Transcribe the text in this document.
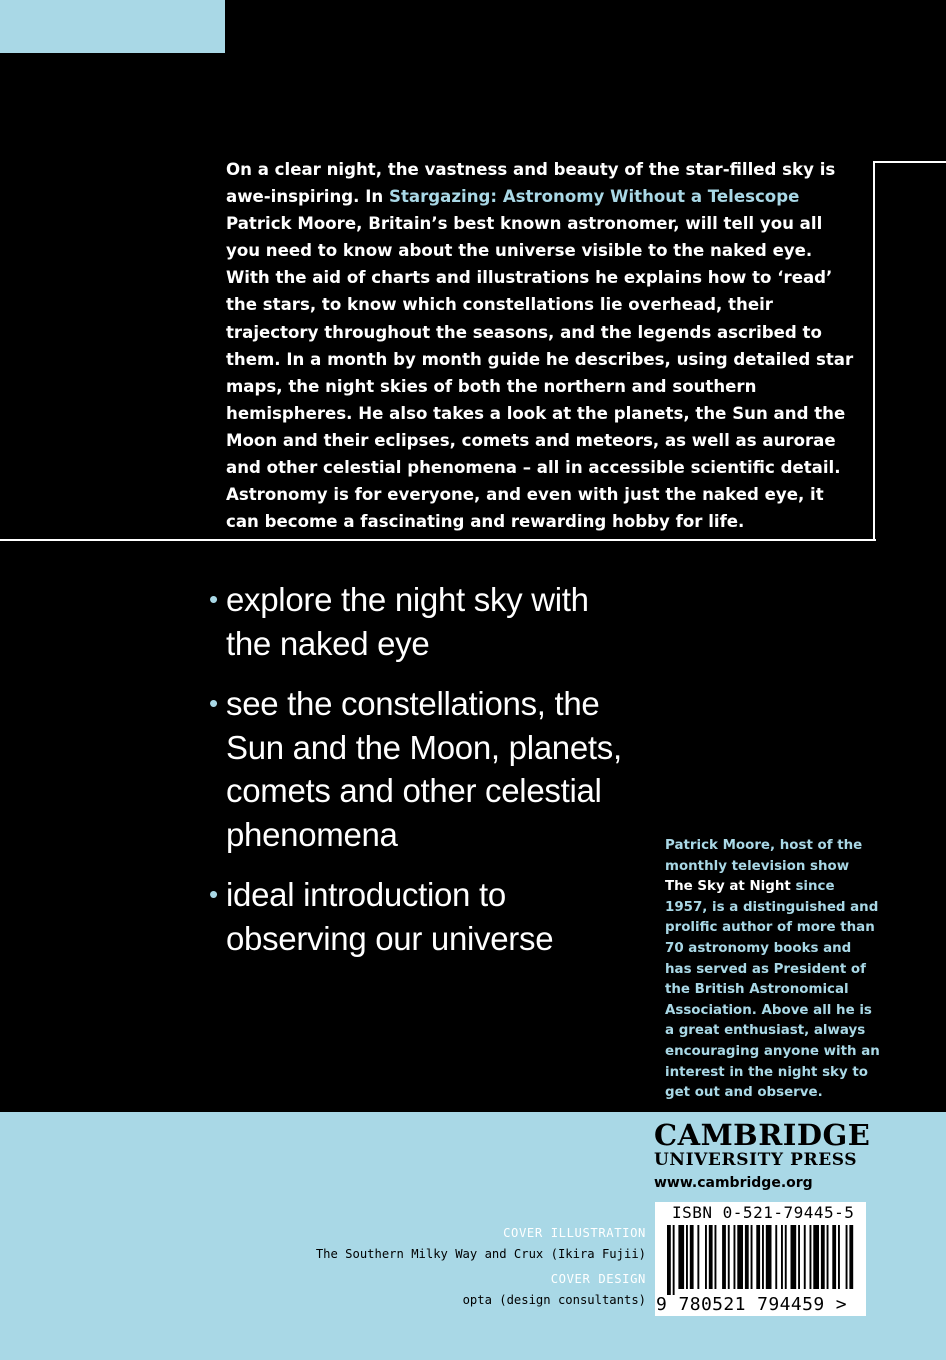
On a clear night, the vastness and beauty of the star-filled sky is awe-inspiring. In Stargazing: Astronomy Without a Telescope Patrick Moore, Britain’s best known astronomer, will tell you all you need to know about the universe visible to the naked eye. With the aid of charts and illustrations he explains how to ‘read’ the stars, to know which constellations lie overhead, their trajectory throughout the seasons, and the legends ascribed to them. In a month by month guide he describes, using detailed star maps, the night skies of both the northern and southern hemispheres. He also takes a look at the planets, the Sun and the Moon and their eclipses, comets and meteors, as well as aurorae and other celestial phenomena – all in accessible scientific detail. Astronomy is for everyone, and even with just the naked eye, it can become a fascinating and rewarding hobby for life.

• explore the night sky with the naked eye
• see the constellations, the Sun and the Moon, planets, comets and other celestial phenomena
• ideal introduction to observing our universe

Patrick Moore, host of the monthly television show The Sky at Night since 1957, is a distinguished and prolific author of more than 70 astronomy books and has served as President of the British Astronomical Association. Above all he is a great enthusiast, always encouraging anyone with an interest in the night sky to get out and observe.

CAMBRIDGE
UNIVERSITY PRESS
www.cambridge.org
COVER ILLUSTRATION
The Southern Milky Way and Crux (Ikira Fujii)
COVER DESIGN
opta (design consultants)
ISBN 0-521-79445-5
9 780521 794459 >
